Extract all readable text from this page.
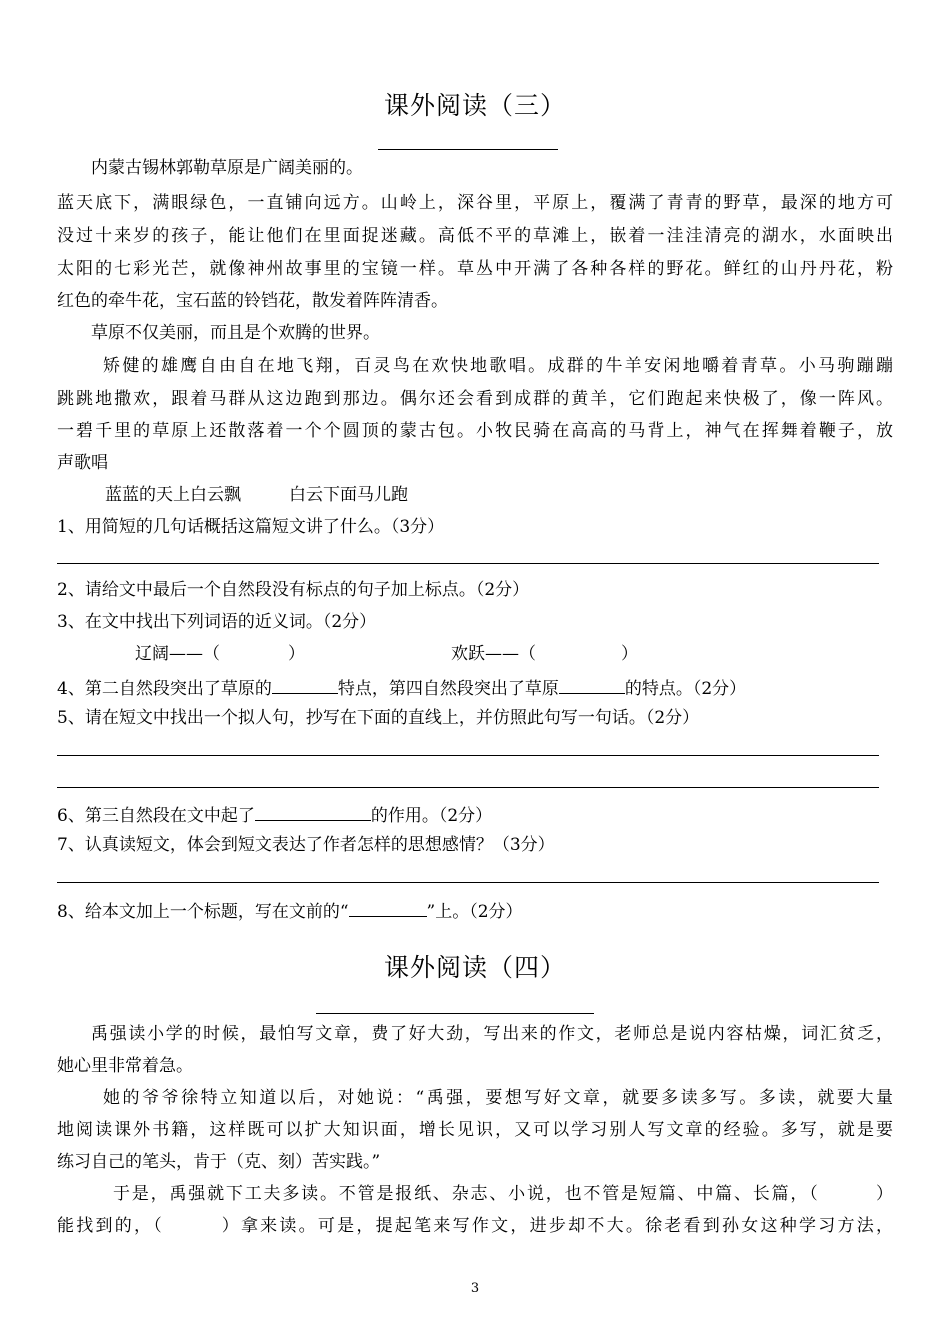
课外阅读（三）
内蒙古锡林郭勒草原是广阔美丽的。
蓝天底下，满眼绿色，一直铺向远方。山岭上，深谷里，平原上，覆满了青青的野草，最深的地方可
没过十来岁的孩子，能让他们在里面捉迷藏。高低不平的草滩上，嵌着一洼洼清亮的湖水，水面映出
太阳的七彩光芒，就像神州故事里的宝镜一样。草丛中开满了各种各样的野花。鲜红的山丹丹花，粉
红色的牵牛花，宝石蓝的铃铛花，散发着阵阵清香。
草原不仅美丽，而且是个欢腾的世界。
矫健的雄鹰自由自在地飞翔，百灵鸟在欢快地歌唱。成群的牛羊安闲地嚼着青草。小马驹蹦蹦
跳跳地撒欢，跟着马群从这边跑到那边。偶尔还会看到成群的黄羊，它们跑起来快极了，像一阵风。
一碧千里的草原上还散落着一个个圆顶的蒙古包。小牧民骑在高高的马背上，神气在挥舞着鞭子，放
声歌唱
蓝蓝的天上白云飘	白云下面马儿跑
1、用简短的几句话概括这篇短文讲了什么。（3分）
2、请给文中最后一个自然段没有标点的句子加上标点。（2分）
3、在文中找出下列词语的近义词。（2分）
辽阔——（　　　　）	欢跃——（　　　　　）
4、第二自然段突出了草原的	特点，第四自然段突出了草原	的特点。（2分）
5、请在短文中找出一个拟人句，抄写在下面的直线上，并仿照此句写一句话。（2分）
6、第三自然段在文中起了	的作用。（2分）
7、认真读短文，体会到短文表达了作者怎样的思想感情？（3分）
8、给本文加上一个标题，写在文前的“	”上。（2分）
课外阅读（四）
禹强读小学的时候，最怕写文章，费了好大劲，写出来的作文，老师总是说内容枯燥，词汇贫乏，
她心里非常着急。
她的爷爷徐特立知道以后，对她说：“禹强，要想写好文章，就要多读多写。多读，就要大量
地阅读课外书籍，这样既可以扩大知识面，增长见识，又可以学习别人写文章的经验。多写，就是要
练习自己的笔头，肯于（克、刻）苦实践。”
于是，禹强就下工夫多读。不管是报纸、杂志、小说，也不管是短篇、中篇、长篇，（　　　）
能找到的，（　　　）拿来读。可是，提起笔来写作文，进步却不大。徐老看到孙女这种学习方法，
3
